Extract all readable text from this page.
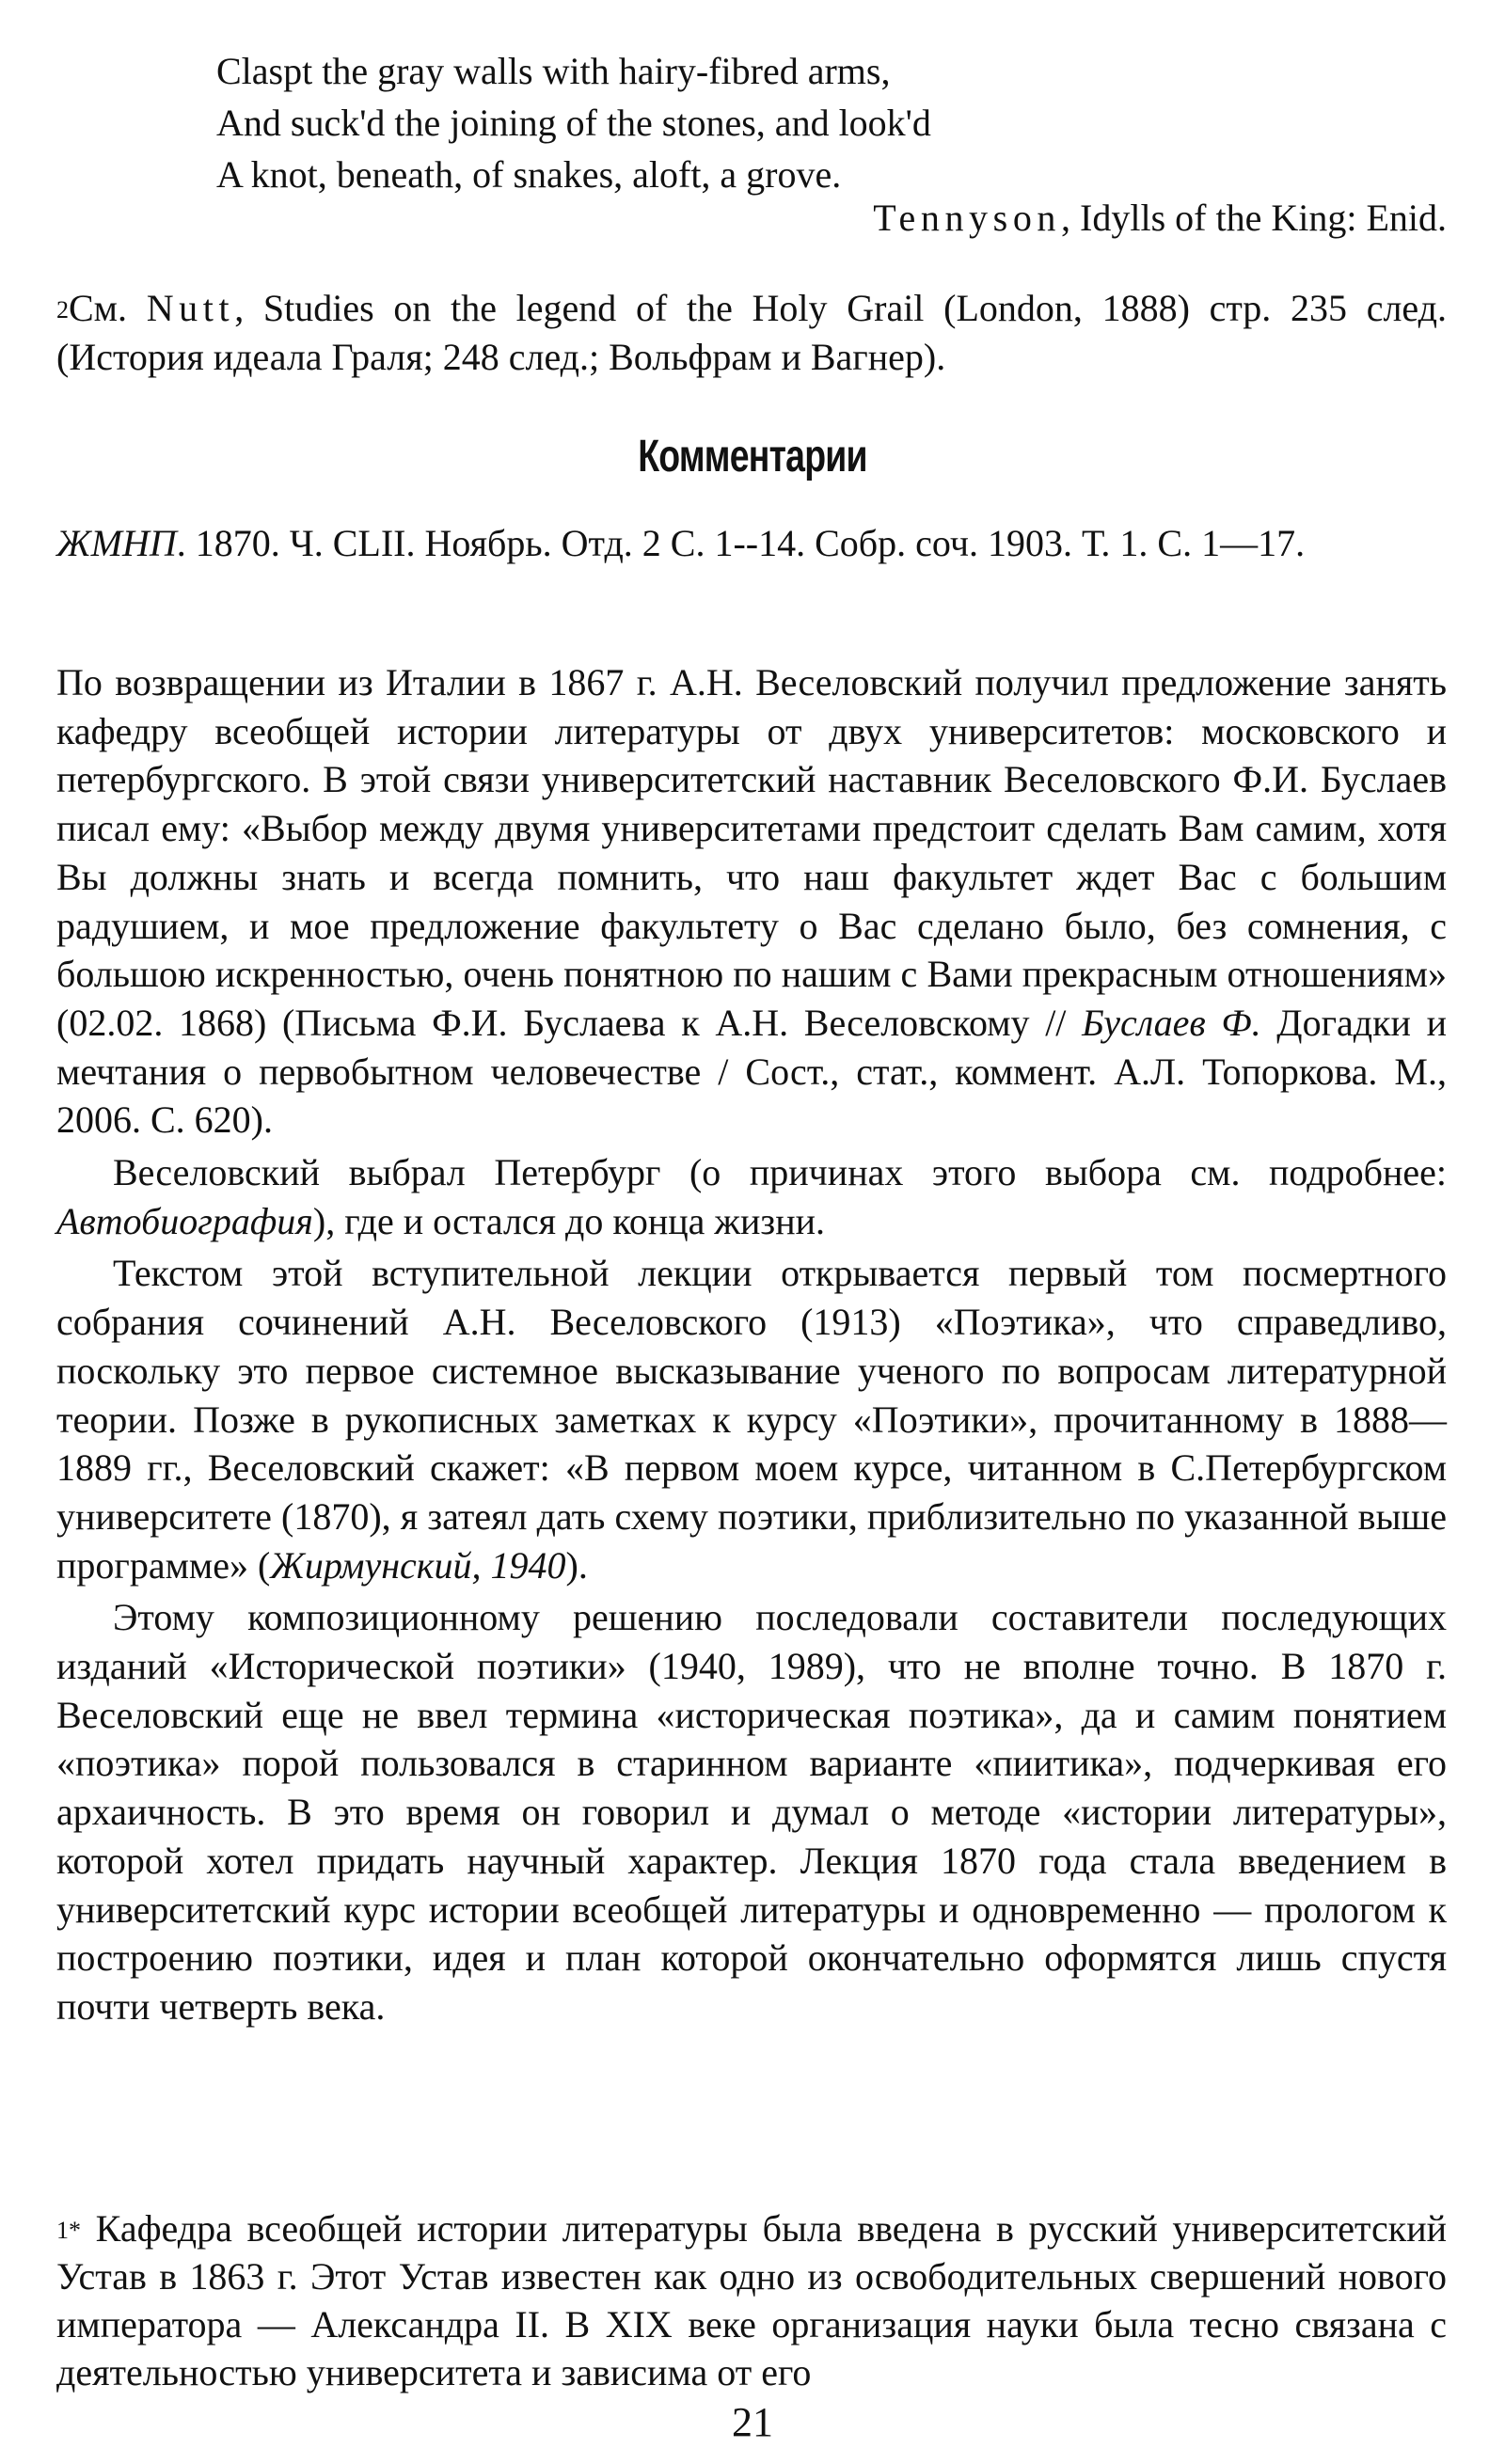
Claspt the gray walls with hairy-fibred arms,
And suck'd the joining of the stones, and look'd
A knot, beneath, of snakes, aloft, a grove.
Tennyson, Idylls of the King: Enid.
$^2$См. Nutt, Studies on the legend of the Holy Grail (London, 1888) стр. 235 след. (История идеала Граля; 248 след.; Вольфрам и Вагнер).
Комментарии
ЖМНП. 1870. Ч. CLII. Ноябрь. Отд. 2 С. 1--14. Собр. соч. 1903. Т. 1. С. 1—17.

По возвращении из Италии в 1867 г. А.Н. Веселовский получил предложение занять кафедру всеобщей истории литературы от двух университетов: московского и петербургского. В этой связи университетский наставник Веселовского Ф.И. Буслаев писал ему: «Выбор между двумя университетами предстоит сделать Вам самим, хотя Вы должны знать и всегда помнить, что наш факультет ждет Вас с большим радушием, и мое предложение факультету о Вас сделано было, без сомнения, с большою искренностью, очень понятною по нашим с Вами прекрасным отношениям» (02.02. 1868) (Письма Ф.И. Буслаева к А.Н. Веселовскому // Буслаев Ф. Догадки и мечтания о первобытном человечестве / Сост., стат., коммент. А.Л. Топоркова. М., 2006. С. 620).

Веселовский выбрал Петербург (о причинах этого выбора см. подробнее: Автобиография), где и остался до конца жизни.

Текстом этой вступительной лекции открывается первый том посмертного собрания сочинений А.Н. Веселовского (1913) «Поэтика», что справедливо, поскольку это первое системное высказывание ученого по вопросам литературной теории. Позже в рукописных заметках к курсу «Поэтики», прочитанному в 1888—1889 гг., Веселовский скажет: «В первом моем курсе, читанном в С.Петербургском университете (1870), я затеял дать схему поэтики, приблизительно по указанной выше программе» (Жирмунский, 1940).

Этому композиционному решению последовали составители последующих изданий «Исторической поэтики» (1940, 1989), что не вполне точно. В 1870 г. Веселовский еще не ввел термина «историческая поэтика», да и самим понятием «поэтика» порой пользовался в старинном варианте «пиитика», подчеркивая его архаичность. В это время он говорил и думал о методе «истории литературы», которой хотел придать научный характер. Лекция 1870 года стала введением в университетский курс истории всеобщей литературы и одновременно — прологом к построению поэтики, идея и план которой окончательно оформятся лишь спустя почти четверть века.

$^{1*}$ Кафедра всеобщей истории литературы была введена в русский университетский Устав в 1863 г. Этот Устав известен как одно из освободительных свершений нового императора — Александра II. В XIX веке организация науки была тесно связана с деятельностью университета и зависима от его
21
